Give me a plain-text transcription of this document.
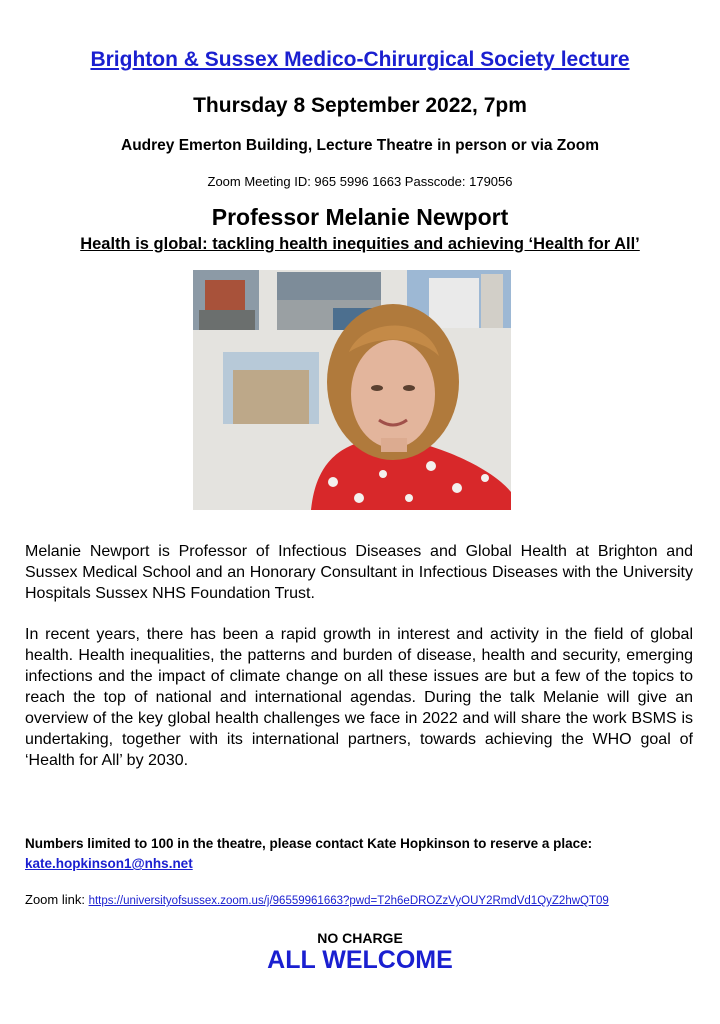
Brighton & Sussex Medico-Chirurgical Society lecture
Thursday 8 September 2022, 7pm
Audrey Emerton Building, Lecture Theatre in person or via Zoom
Zoom Meeting ID: 965 5996 1663 Passcode: 179056
Professor Melanie Newport
Health is global: tackling health inequities and achieving ‘Health for All’

Melanie Newport is Professor of Infectious Diseases and Global Health at Brighton and Sussex Medical School and an Honorary Consultant in Infectious Diseases with the University Hospitals Sussex NHS Foundation Trust.

In recent years, there has been a rapid growth in interest and activity in the field of global health. Health inequalities, the patterns and burden of disease, health and security, emerging infections and the impact of climate change on all these issues are but a few of the topics to reach the top of national and international agendas. During the talk Melanie will give an overview of the key global health challenges we face in 2022 and will share the work BSMS is undertaking, together with its international partners, towards achieving the WHO goal of ‘Health for All’ by 2030.

Numbers limited to 100 in the theatre, please contact Kate Hopkinson to reserve a place:
kate.hopkinson1@nhs.net
Zoom link: https://universityofsussex.zoom.us/j/96559961663?pwd=T2h6eDROZzVyOUY2RmdVd1QyZ2hwQT09
NO CHARGE
ALL WELCOME
